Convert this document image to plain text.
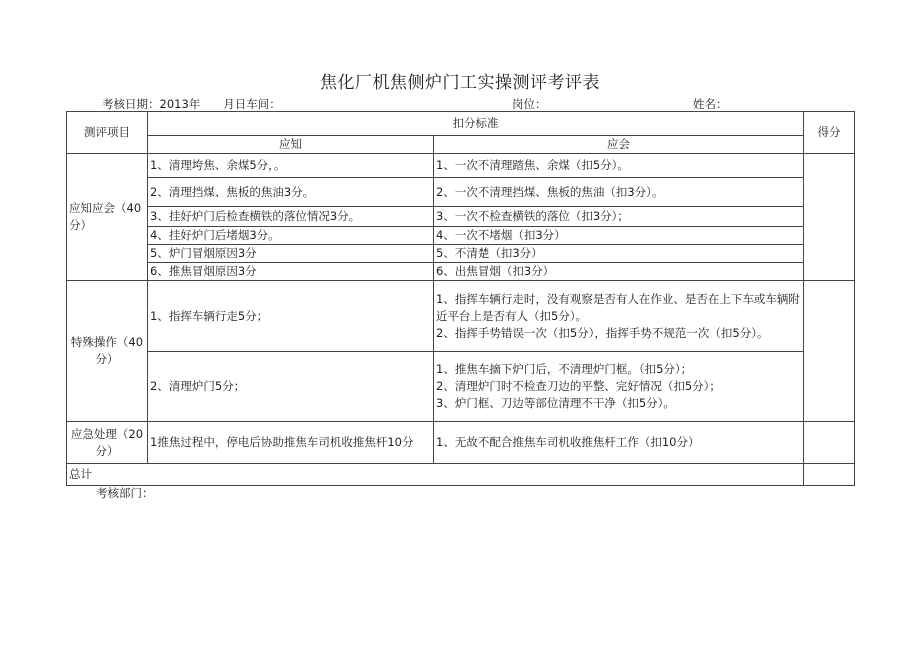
焦化厂机焦侧炉门工实操测评考评表
考核日期：2013年　　月日车间：	岗位：	姓名：
测评项目	扣分标准		得分
	应知	应会	
应知应会（40分）	1、清理垮焦、余煤5分，。	1、一次不清理踏焦、余煤（扣5分）。	
	2、清理挡煤、焦板的焦油3分。	2、一次不清理挡煤、焦板的焦油（扣3分）。	
	3、挂好炉门后检查横铁的落位情况3分。	3、一次不检查横铁的落位（扣3分）；	
	4、挂好炉门后堵烟3分。	4、一次不堵烟（扣3分）	
	5、炉门冒烟原因3分	5、不清楚（扣3分）	
	6、推焦冒烟原因3分	6、出焦冒烟（扣3分）	
特殊操作（40分）	1、指挥车辆行走5分；	1、指挥车辆行走时，没有观察是否有人在作业、是否在上下车或车辆附近平台上是否有人（扣5分）。
2、指挥手势错误一次（扣5分），指挥手势不规范一次（扣5分）。	

	2、清理炉门5分；	1、推焦车摘下炉门后，不清理炉门框。（扣5分）；
2、清理炉门时不检查刀边的平整、完好情况（扣5分）；
3、炉门框、刀边等部位清理不干净（扣5分）。	

应急处理（20分）	1推焦过程中，停电后协助推焦车司机收推焦杆10分	1、无故不配合推焦车司机收推焦杆工作（扣10分）	
总计			
考核部门：
